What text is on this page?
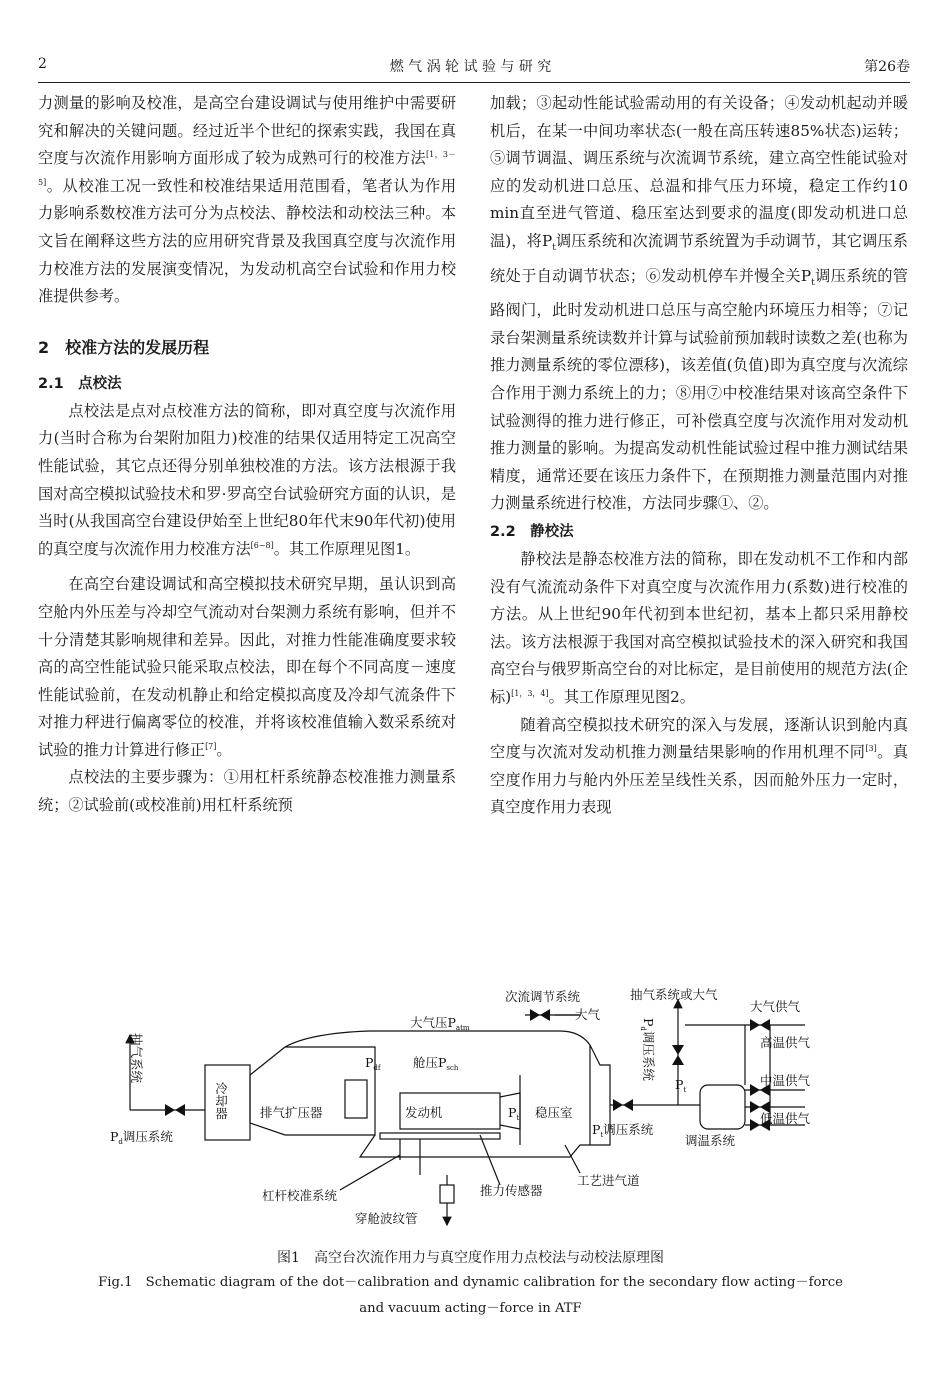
2	燃 气 涡 轮 试 验 与 研 究	第26卷

力测量的影响及校准，是高空台建设调试与使用维护中需要研究和解决的关键问题。经过近半个世纪的探索实践，我国在真空度与次流作用影响方面形成了较为成熟可行的校准方法[1，3－5]。从校准工况一致性和校准结果适用范围看，笔者认为作用力影响系数校准方法可分为点校法、静校法和动校法三种。本文旨在阐释这些方法的应用研究背景及我国真空度与次流作用力校准方法的发展演变情况，为发动机高空台试验和作用力校准提供参考。

2　校准方法的发展历程
2.1　点校法

点校法是点对点校准方法的简称，即对真空度与次流作用力(当时合称为台架附加阻力)校准的结果仅适用特定工况高空性能试验，其它点还得分别单独校准的方法。该方法根源于我国对高空模拟试验技术和罗·罗高空台试验研究方面的认识，是当时(从我国高空台建设伊始至上世纪80年代末90年代初)使用的真空度与次流作用力校准方法[6~8]。其工作原理见图1。

在高空台建设调试和高空模拟技术研究早期，虽认识到高空舱内外压差与冷却空气流动对台架测力系统有影响，但并不十分清楚其影响规律和差异。因此，对推力性能准确度要求较高的高空性能试验只能采取点校法，即在每个不同高度－速度性能试验前，在发动机静止和给定模拟高度及冷却气流条件下对推力秤进行偏离零位的校准，并将该校准值输入数采系统对试验的推力计算进行修正[7]。

点校法的主要步骤为：①用杠杆系统静态校准推力测量系统；②试验前(或校准前)用杠杆系统预

加载；③起动性能试验需动用的有关设备；④发动机起动并暖机后，在某一中间功率状态(一般在高压转速85%状态)运转；⑤调节调温、调压系统与次流调节系统，建立高空性能试验对应的发动机进口总压、总温和排气压力环境，稳定工作约10 min直至进气管道、稳压室达到要求的温度(即发动机进口总温)，将$P_t$调压系统和次流调节系统置为手动调节，其它调压系统处于自动调节状态；⑥发动机停车并慢全关$P_t$调压系统的管路阀门，此时发动机进口总压与高空舱内环境压力相等；⑦记录台架测量系统读数并计算与试验前预加载时读数之差(也称为推力测量系统的零位漂移)，该差值(负值)即为真空度与次流综合作用于测力系统上的力；⑧用⑦中校准结果对该高空条件下试验测得的推力进行修正，可补偿真空度与次流作用对发动机推力测量的影响。为提高发动机性能试验过程中推力测试结果精度，通常还要在该压力条件下，在预期推力测量范围内对推力测量系统进行校准，方法同步骤①、②。

2.2　静校法

静校法是静态校准方法的简称，即在发动机不工作和内部没有气流流动条件下对真空度与次流作用力(系数)进行校准的方法。从上世纪90年代初到本世纪初，基本上都只采用静校法。该方法根源于我国对高空模拟试验技术的深入研究和我国高空台与俄罗斯高空台的对比标定，是目前使用的规范方法(企标)[1，3，4]。其工作原理见图2。

随着高空模拟技术研究的深入与发展，逐渐认识到舱内真空度与次流对发动机推力测量结果影响的作用机理不同[3]。真空度作用力与舱内外压差呈线性关系，因而舱外压力一定时，真空度作用力表现

次流调节系统	抽气系统或大气
大气供气
大气
大气压$P_{atm}$
抽气系统
冷却器	排气扩压器
$P_{df}$	舱压$P_{sch}$
发动机	$P_t$ 稳压室
$P_d$调压系统	高温供气
中温供气
低温供气
$P_t$
$P_d$调压系统	$P_t$调压系统
调温系统
工艺进气道
杠杆校准系统	推力传感器
穿舱波纹管
图1　高空台次流作用力与真空度作用力点校法与动校法原理图
Fig.1　Schematic diagram of the dot－calibration and dynamic calibration for the secondary flow acting－force
and vacuum acting－force in ATF
